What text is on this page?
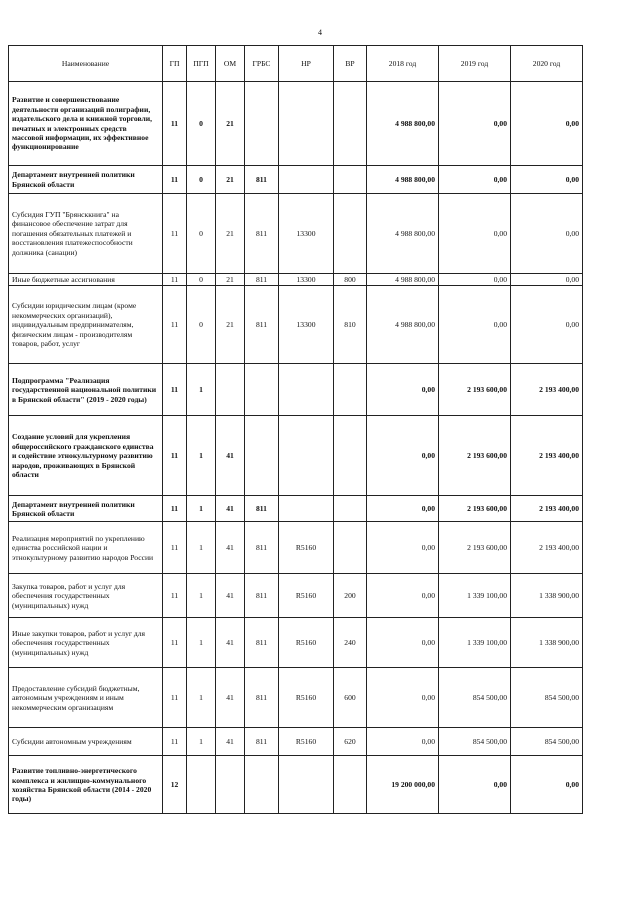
4
Наименование	ГП	ПГП	ОМ	ГРБС	НР	ВР	2018 год	2019 год	2020 год
Развитие и совершенствование деятельности организаций полиграфии, издательского дела и книжной торговли, печатных и электронных средств массовой информации, их эффективное функционирование	11	0	21				4 988 800,00	0,00	0,00
Департамент внутренней политики Брянской области	11	0	21	811			4 988 800,00	0,00	0,00
Субсидия ГУП "Брянсккнига" на финансовое обеспечение затрат для погашения обязательных платежей и восстановления платежеспособности должника (санации)	11	0	21	811	13300		4 988 800,00	0,00	0,00
Иные бюджетные ассигнования	11	0	21	811	13300	800	4 988 800,00	0,00	0,00
Субсидии юридическим лицам (кроме некоммерческих организаций), индивидуальным предпринимателям, физическим лицам - производителям товаров, работ, услуг	11	0	21	811	13300	810	4 988 800,00	0,00	0,00
Подпрограмма "Реализация государственной национальной политики в Брянской области" (2019 - 2020 годы)	11	1					0,00	2 193 600,00	2 193 400,00
Создание условий для укрепления общероссийского гражданского единства и содействие этнокультурному развитию народов, проживающих в Брянской области	11	1	41				0,00	2 193 600,00	2 193 400,00
Департамент внутренней политики Брянской области	11	1	41	811			0,00	2 193 600,00	2 193 400,00
Реализация мероприятий по укреплению единства российской нации и этнокультурному развитию народов России	11	1	41	811	R5160		0,00	2 193 600,00	2 193 400,00
Закупка товаров, работ и услуг для обеспечения государственных (муниципальных) нужд	11	1	41	811	R5160	200	0,00	1 339 100,00	1 338 900,00
Иные закупки товаров, работ и услуг для обеспечения государственных (муниципальных) нужд	11	1	41	811	R5160	240	0,00	1 339 100,00	1 338 900,00
Предоставление субсидий бюджетным, автономным учреждениям и иным некоммерческим организациям	11	1	41	811	R5160	600	0,00	854 500,00	854 500,00
Субсидии автономным учреждениям	11	1	41	811	R5160	620	0,00	854 500,00	854 500,00
Развитие топливно-энергетического комплекса и жилищно-коммунального хозяйства Брянской области (2014 - 2020 годы)	12						19 200 000,00	0,00	0,00
